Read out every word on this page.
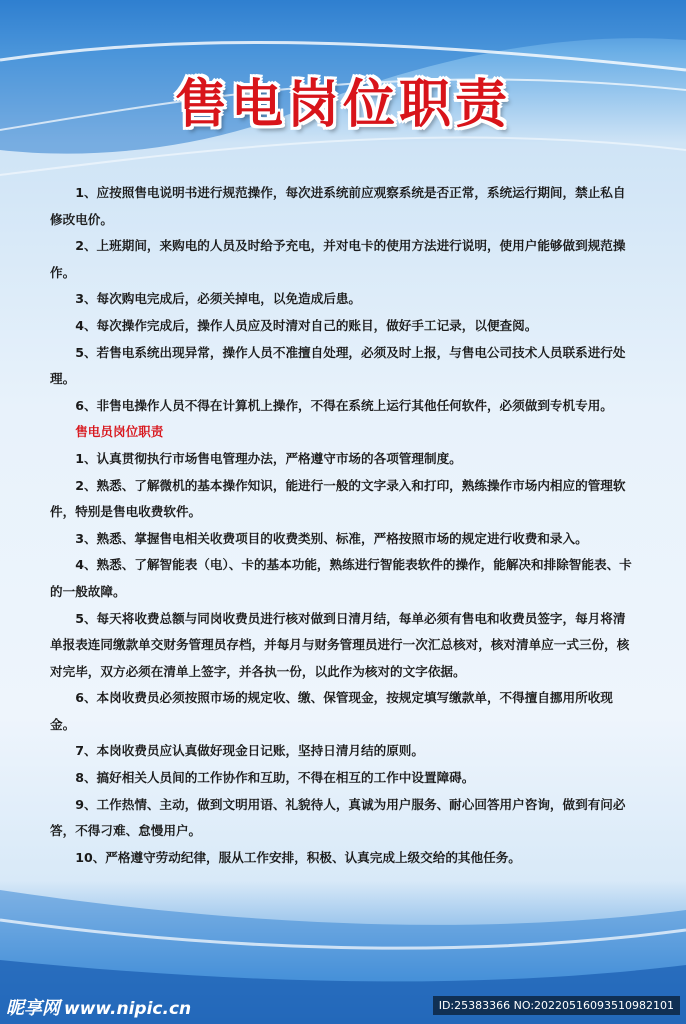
售电岗位职责

1、应按照售电说明书进行规范操作，每次进系统前应观察系统是否正常，系统运行期间，禁止私自修改电价。

2、上班期间，来购电的人员及时给予充电，并对电卡的使用方法进行说明，使用户能够做到规范操作。

3、每次购电完成后，必须关掉电，以免造成后患。

4、每次操作完成后，操作人员应及时清对自己的账目，做好手工记录，以便查阅。

5、若售电系统出现异常，操作人员不准擅自处理，必须及时上报，与售电公司技术人员联系进行处理。

6、非售电操作人员不得在计算机上操作，不得在系统上运行其他任何软件，必须做到专机专用。

售电员岗位职责

1、认真贯彻执行市场售电管理办法，严格遵守市场的各项管理制度。

2、熟悉、了解微机的基本操作知识，能进行一般的文字录入和打印，熟练操作市场内相应的管理软件，特别是售电收费软件。

3、熟悉、掌握售电相关收费项目的收费类别、标准，严格按照市场的规定进行收费和录入。

4、熟悉、了解智能表（电）、卡的基本功能，熟练进行智能表软件的操作，能解决和排除智能表、卡的一般故障。

5、每天将收费总额与同岗收费员进行核对做到日清月结，每单必须有售电和收费员签字，每月将清单报表连同缴款单交财务管理员存档，并每月与财务管理员进行一次汇总核对，核对清单应一式三份，核对完毕，双方必须在清单上签字，并各执一份，以此作为核对的文字依据。

6、本岗收费员必须按照市场的规定收、缴、保管现金，按规定填写缴款单，不得擅自挪用所收现金。

7、本岗收费员应认真做好现金日记账，坚持日清月结的原则。

8、搞好相关人员间的工作协作和互助，不得在相互的工作中设置障碍。

9、工作热情、主动，做到文明用语、礼貌待人，真诚为用户服务、耐心回答用户咨询，做到有问必答，不得刁难、怠慢用户。

10、严格遵守劳动纪律，服从工作安排，积极、认真完成上级交给的其他任务。

昵享网 www.nipic.cn	ID:25383366 NO:20220516093510982101
